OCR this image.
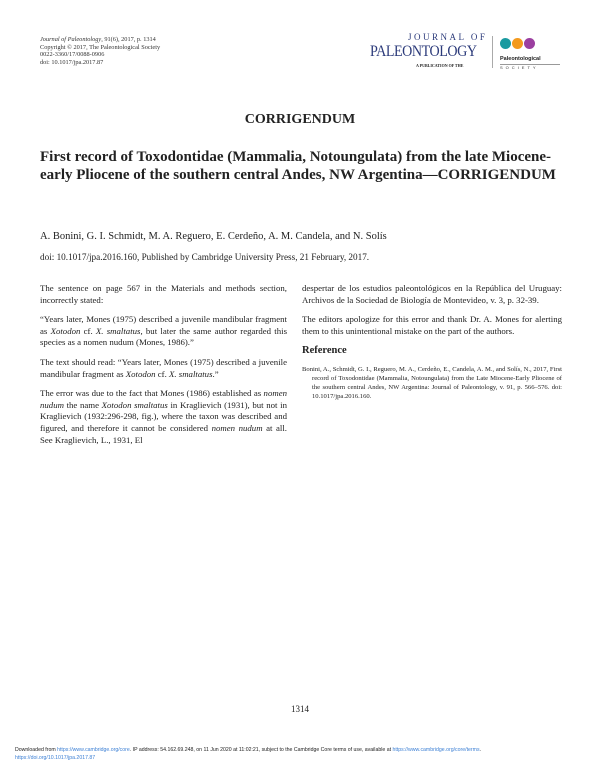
Journal of Paleontology, 91(6), 2017, p. 1314
Copyright © 2017, The Paleontological Society
0022-3360/17/0088-0906
doi: 10.1017/jpa.2017.87
JOURNAL OF
PALEONTOLOGY
A PUBLICATION OF THE
Paleontological
SOCIETY
CORRIGENDUM
First record of Toxodontidae (Mammalia, Notoungulata) from the late Miocene-early Pliocene of the southern central Andes, NW Argentina—CORRIGENDUM
A. Bonini, G. I. Schmidt, M. A. Reguero, E. Cerdeño, A. M. Candela, and N. Solís
doi: 10.1017/jpa.2016.160, Published by Cambridge University Press, 21 February, 2017.

The sentence on page 567 in the Materials and methods section, incorrectly stated:

“Years later, Mones (1975) described a juvenile mandibular fragment as Xotodon cf. X. smaltatus, but later the same author regarded this species as a nomen nudum (Mones, 1986).”

The text should read: “Years later, Mones (1975) described a juvenile mandibular fragment as Xotodon cf. X. smaltatus.”

The error was due to the fact that Mones (1986) established as nomen nudum the name Xotodon smaltatus in Kraglievich (1931), but not in Kraglievich (1932:296-298, fig.), where the taxon was described and figured, and therefore it cannot be considered nomen nudum at all. See Kraglievich, L., 1931, El

despertar de los estudios paleontológicos en la República del Uruguay: Archivos de la Sociedad de Biología de Montevideo, v. 3, p. 32-39.

The editors apologize for this error and thank Dr. A. Mones for alerting them to this unintentional mistake on the part of the authors.

Reference
Bonini, A., Schmidt, G. I., Reguero, M. A., Cerdeño, E., Candela, A. M., and Solís, N., 2017, First record of Toxodontidae (Mammalia, Notoungulata) from the Late Miocene-Early Pliocene of the southern central Andes, NW Argentina: Journal of Paleontology, v. 91, p. 566–576. doi: 10.1017/jpa.2016.160.
1314
Downloaded from https://www.cambridge.org/core. IP address: 54.162.69.248, on 11 Jun 2020 at 11:02:21, subject to the Cambridge Core terms of use, available at https://www.cambridge.org/core/terms.
https://doi.org/10.1017/jpa.2017.87
